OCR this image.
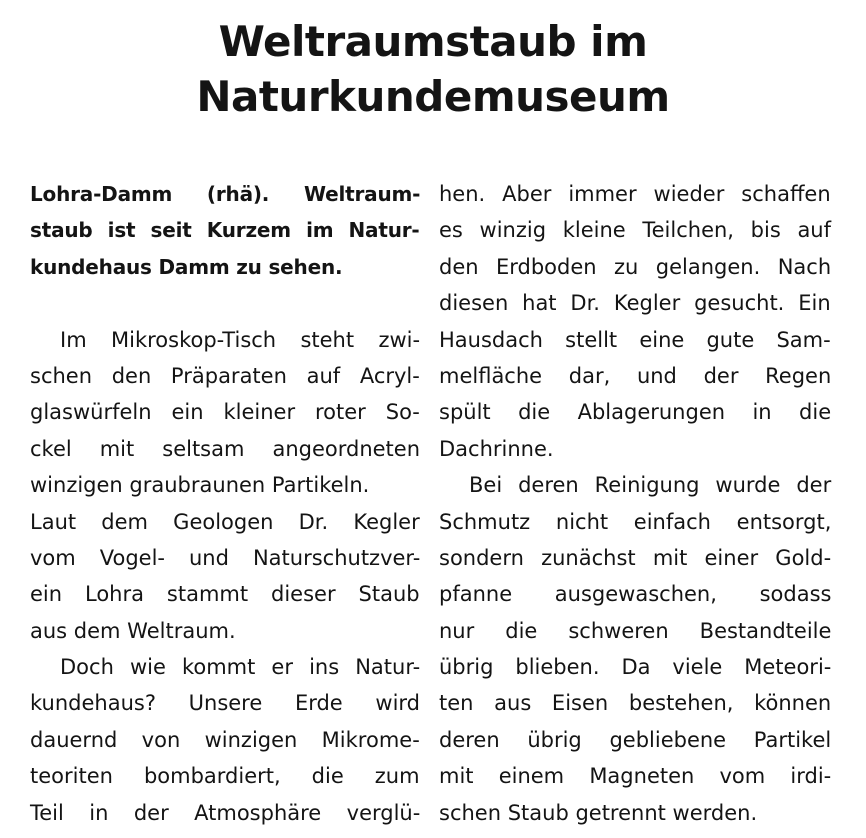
Weltraumstaub im
Naturkundemuseum
Lohra-Damm (rhä). Weltraum-
staub ist seit Kurzem im Natur-
kundehaus Damm zu sehen.
Im Mikroskop-Tisch steht zwi-
schen den Präparaten auf Acryl-
glaswürfeln ein kleiner roter So-
ckel mit seltsam angeordneten
winzigen graubraunen Partikeln.
Laut dem Geologen Dr. Kegler
vom Vogel- und Naturschutzver-
ein Lohra stammt dieser Staub
aus dem Weltraum.
Doch wie kommt er ins Natur-
kundehaus? Unsere Erde wird
dauernd von winzigen Mikrome-
teoriten bombardiert, die zum
Teil in der Atmosphäre verglü-
hen. Aber immer wieder schaffen
es winzig kleine Teilchen, bis auf
den Erdboden zu gelangen. Nach
diesen hat Dr. Kegler gesucht. Ein
Hausdach stellt eine gute Sam-
melfläche dar, und der Regen
spült die Ablagerungen in die
Dachrinne.
Bei deren Reinigung wurde der
Schmutz nicht einfach entsorgt,
sondern zunächst mit einer Gold-
pfanne ausgewaschen, sodass
nur die schweren Bestandteile
übrig blieben. Da viele Meteori-
ten aus Eisen bestehen, können
deren übrig gebliebene Partikel
mit einem Magneten vom irdi-
schen Staub getrennt werden.
